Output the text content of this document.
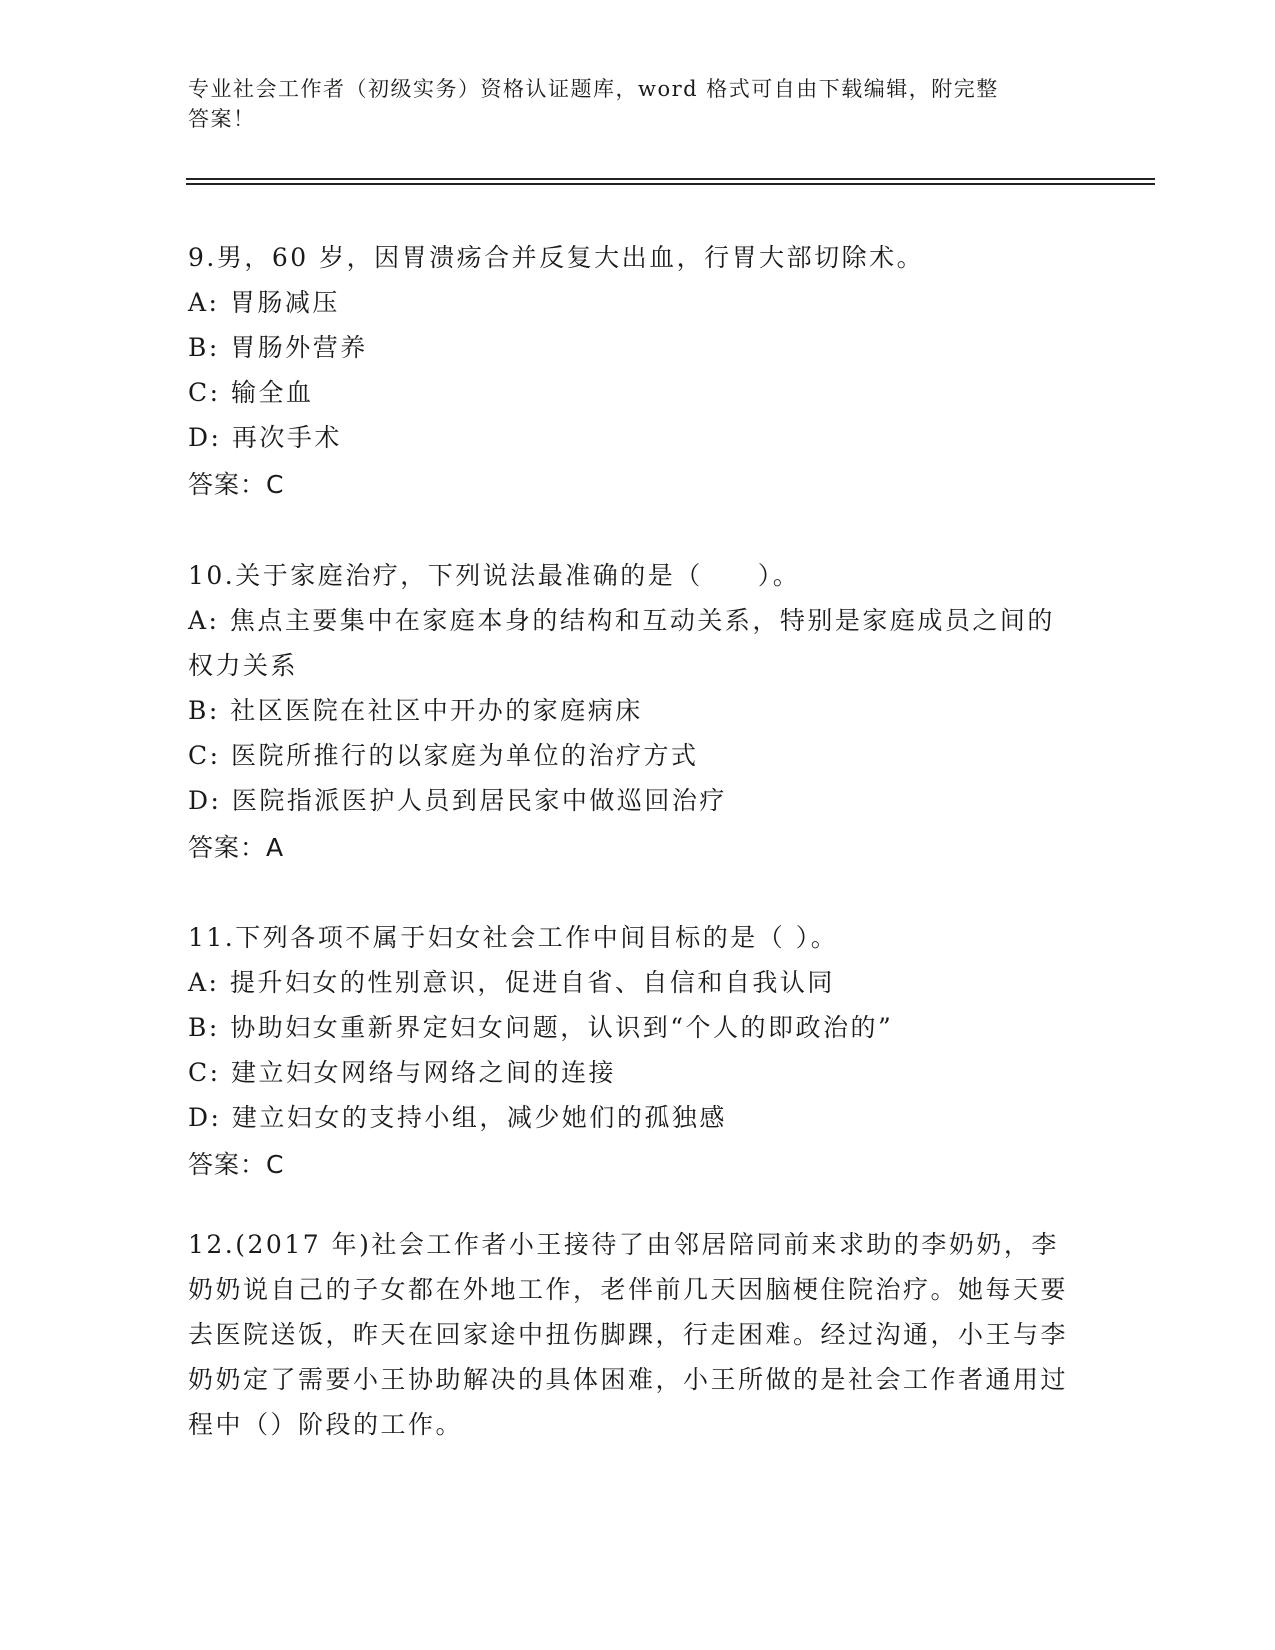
专业社会工作者（初级实务）资格认证题库，word 格式可自由下载编辑，附完整
答案！
9.男，60 岁，因胃溃疡合并反复大出血，行胃大部切除术。
A: 胃肠减压
B: 胃肠外营养
C: 输全血
D: 再次手术
答案：C
10.关于家庭治疗，下列说法最准确的是（　　）。
A: 焦点主要集中在家庭本身的结构和互动关系，特别是家庭成员之间的权力关系
B: 社区医院在社区中开办的家庭病床
C: 医院所推行的以家庭为单位的治疗方式
D: 医院指派医护人员到居民家中做巡回治疗
答案：A
11.下列各项不属于妇女社会工作中间目标的是（ ）。
A: 提升妇女的性别意识，促进自省、自信和自我认同
B: 协助妇女重新界定妇女问题，认识到“个人的即政治的”
C: 建立妇女网络与网络之间的连接
D: 建立妇女的支持小组，减少她们的孤独感
答案：C
12.(2017 年)社会工作者小王接待了由邻居陪同前来求助的李奶奶，李奶奶说自己的子女都在外地工作，老伴前几天因脑梗住院治疗。她每天要去医院送饭，昨天在回家途中扭伤脚踝，行走困难。经过沟通，小王与李奶奶定了需要小王协助解决的具体困难，小王所做的是社会工作者通用过程中（）阶段的工作。
